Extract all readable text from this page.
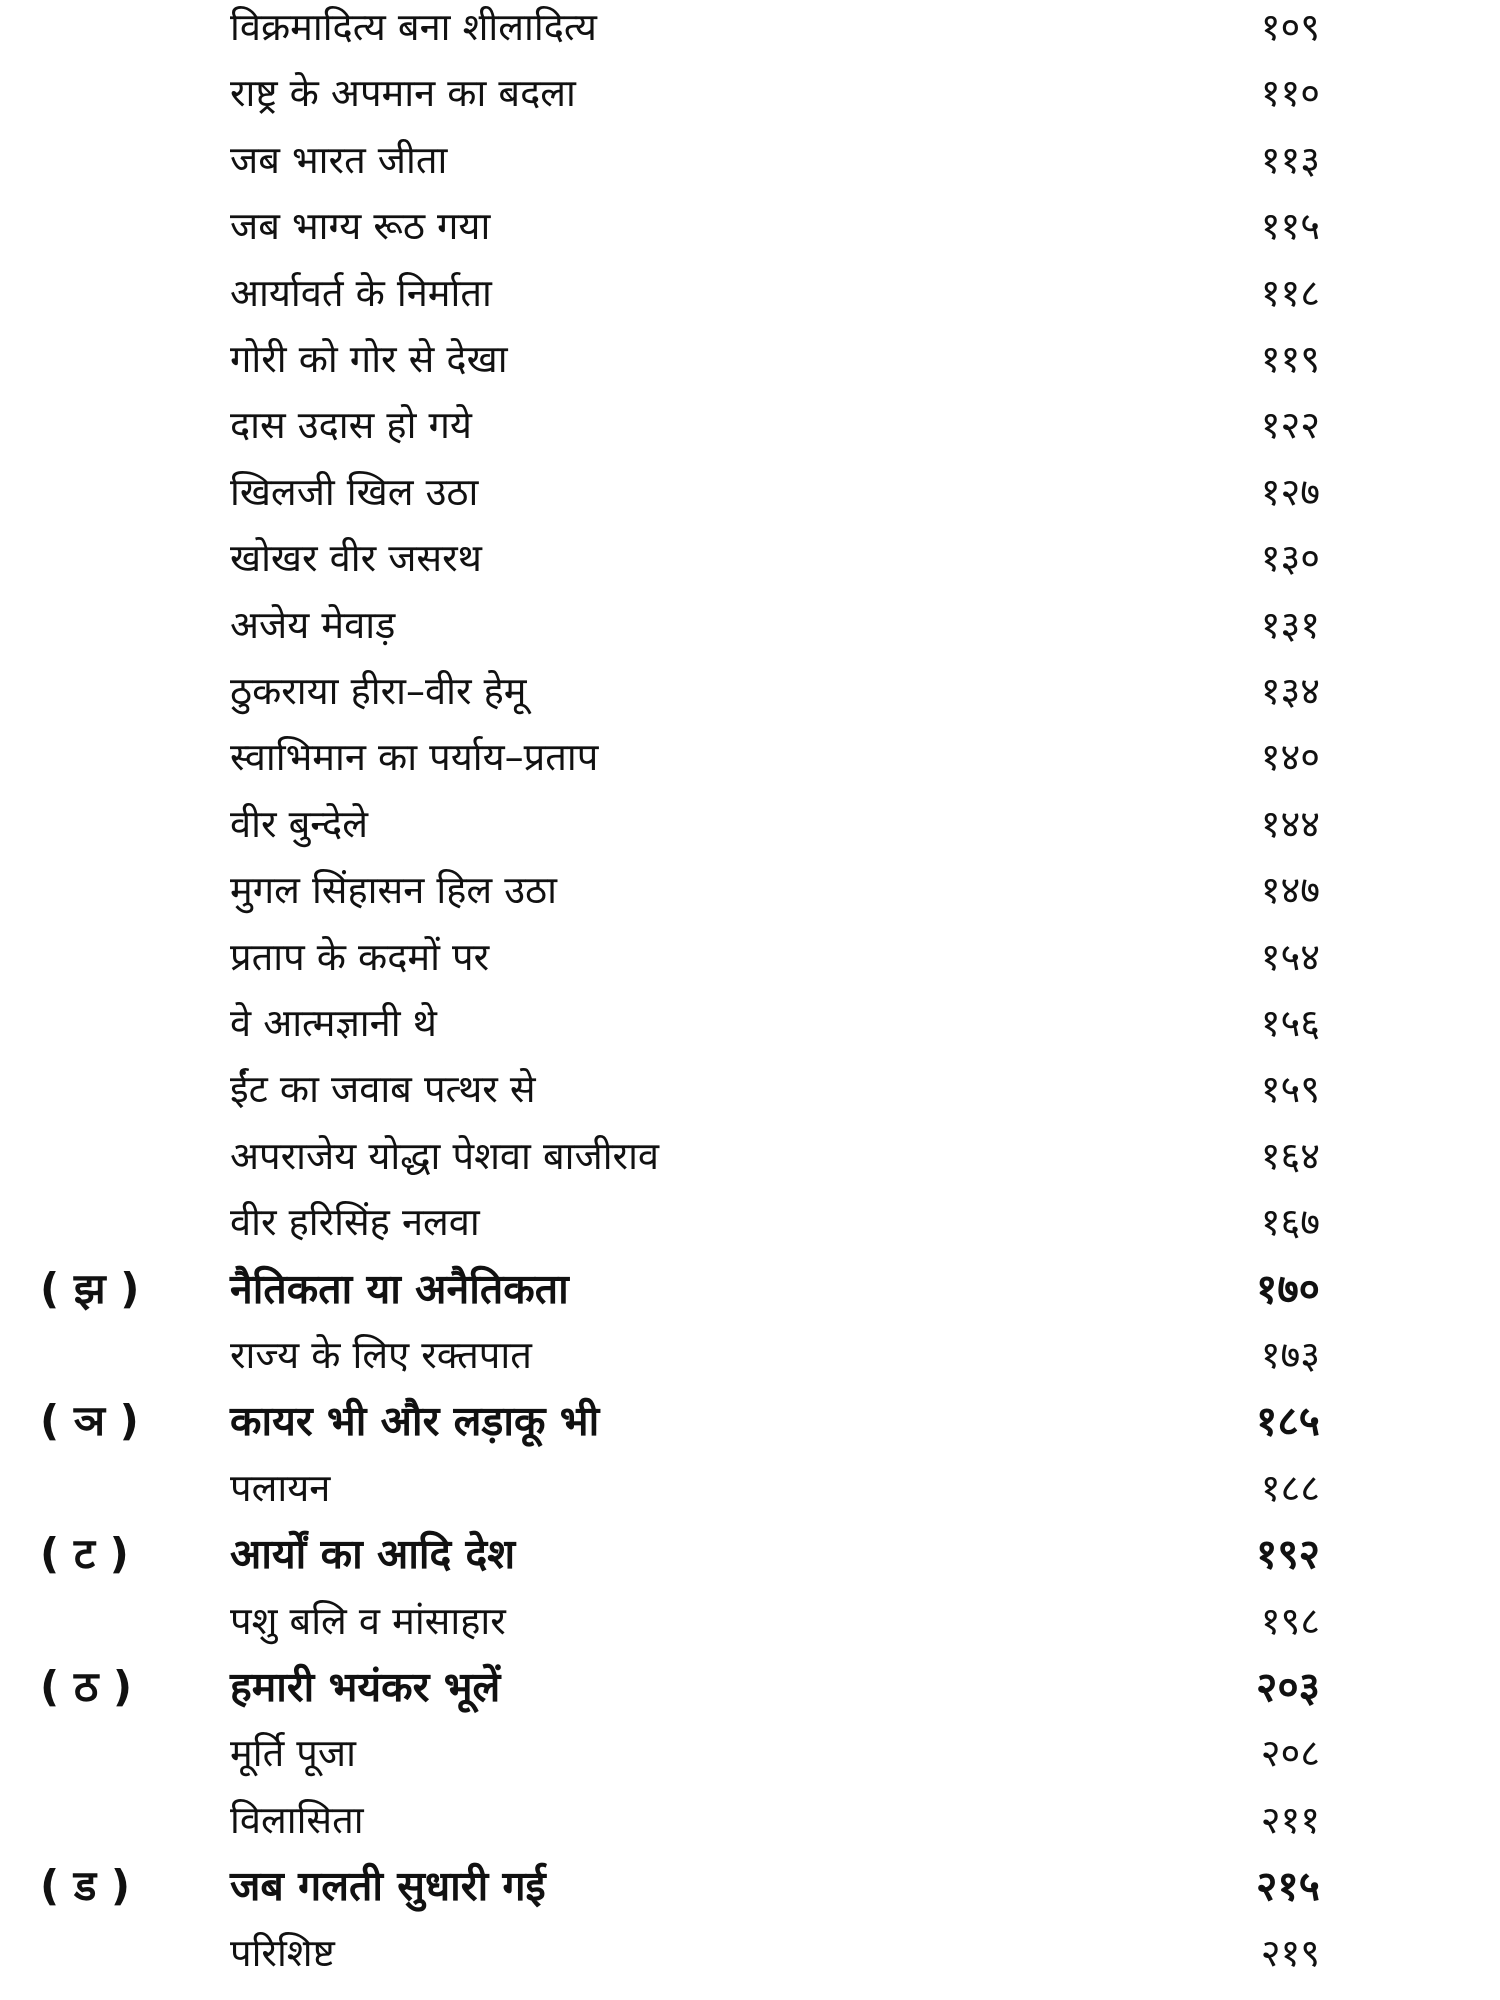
विक्रमादित्य बना शीलादित्य	१०९
राष्ट्र के अपमान का बदला	११०
जब भारत जीता	११३
जब भाग्य रूठ गया	११५
आर्यावर्त के निर्माता	११८
गोरी को गोर से देखा	११९
दास उदास हो गये	१२२
खिलजी खिल उठा	१२७
खोखर वीर जसरथ	१३०
अजेय मेवाड़	१३१
ठुकराया हीरा–वीर हेमू	१३४
स्वाभिमान का पर्याय–प्रताप	१४०
वीर बुन्देले	१४४
मुगल सिंहासन हिल उठा	१४७
प्रताप के कदमों पर	१५४
वे आत्मज्ञानी थे	१५६
ईंट का जवाब पत्थर से	१५९
अपराजेय योद्धा पेशवा बाजीराव	१६४
वीर हरिसिंह नलवा	१६७
( झ )	नैतिकता या अनैतिकता	१७०
राज्य के लिए रक्तपात	१७३
( ञ )	कायर भी और लड़ाकू भी	१८५
पलायन	१८८
( ट )	आर्यों का आदि देश	१९२
पशु बलि व मांसाहार	१९८
( ठ )	हमारी भयंकर भूलें	२०३
मूर्ति पूजा	२०८
विलासिता	२११
( ड )	जब गलती सुधारी गई	२१५
परिशिष्ट	२१९
